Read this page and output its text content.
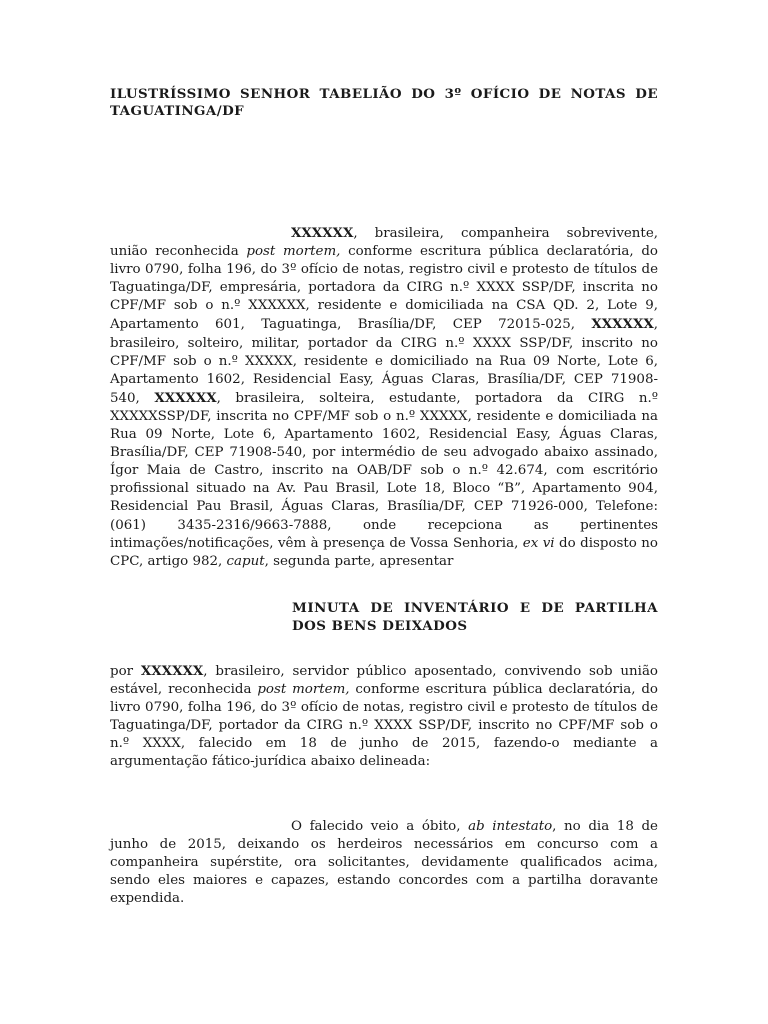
ILUSTRÍSSIMO SENHOR TABELIÃO DO 3º OFÍCIO DE NOTAS DE TAGUATINGA/DF

XXXXXX, brasileira, companheira sobrevivente, união reconhecida post mortem, conforme escritura pública declaratória, do livro 0790, folha 196, do 3º ofício de notas, registro civil e protesto de títulos de Taguatinga/DF, empresária, portadora da CIRG n.º XXXX SSP/DF, inscrita no CPF/MF sob o n.º XXXXXX, residente e domiciliada na CSA QD. 2, Lote 9, Apartamento 601, Taguatinga, Brasília/DF, CEP 72015-025, XXXXXX, brasileiro, solteiro, militar, portador da CIRG n.º XXXX SSP/DF, inscrito no CPF/MF sob o n.º XXXXX, residente e domiciliado na Rua 09 Norte, Lote 6, Apartamento 1602, Residencial Easy, Águas Claras, Brasília/DF, CEP 71908-540, XXXXXX, brasileira, solteira, estudante, portadora da CIRG n.º XXXXXSSP/DF, inscrita no CPF/MF sob o n.º XXXXX, residente e domiciliada na Rua 09 Norte, Lote 6, Apartamento 1602, Residencial Easy, Águas Claras, Brasília/DF, CEP 71908-540, por intermédio de seu advogado abaixo assinado, Ígor Maia de Castro, inscrito na OAB/DF sob o n.º 42.674, com escritório profissional situado na Av. Pau Brasil, Lote 18, Bloco “B”, Apartamento 904, Residencial Pau Brasil, Águas Claras, Brasília/DF, CEP 71926-000, Telefone: (061) 3435-2316/9663-7888, onde recepciona as pertinentes intimações/notificações, vêm à presença de Vossa Senhoria, ex vi do disposto no CPC, artigo 982, caput, segunda parte, apresentar

MINUTA DE INVENTÁRIO E DE PARTILHA DOS BENS DEIXADOS

por XXXXXX, brasileiro, servidor público aposentado, convivendo sob união estável, reconhecida post mortem, conforme escritura pública declaratória, do livro 0790, folha 196, do 3º ofício de notas, registro civil e protesto de títulos de Taguatinga/DF, portador da CIRG n.º XXXX SSP/DF, inscrito no CPF/MF sob o n.º XXXX, falecido em 18 de junho de 2015, fazendo-o mediante a argumentação fático-jurídica abaixo delineada:

O falecido veio a óbito, ab intestato, no dia 18 de junho de 2015, deixando os herdeiros necessários em concurso com a companheira supérstite, ora solicitantes, devidamente qualificados acima, sendo eles maiores e capazes, estando concordes com a partilha doravante expendida.
